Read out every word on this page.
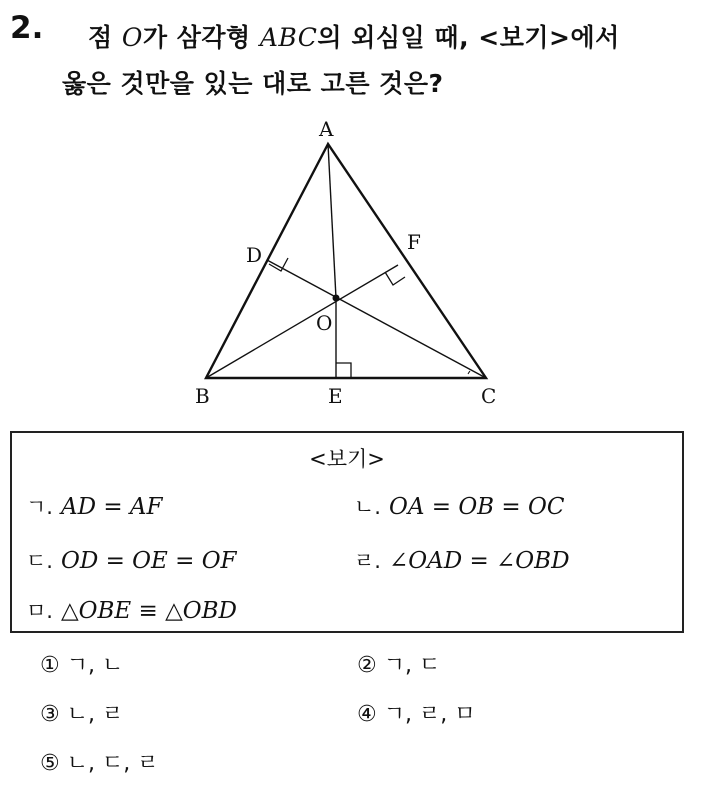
2. 점 O가 삼각형 ABC의 외심일 때, <보기>에서
옳은 것만을 있는 대로 고른 것은?
A
D
F
O
B	E	C
<보기>
ㄱ. AD = AF	ㄴ. OA = OB = OC
ㄷ. OD = OE = OF	ㄹ. ∠OAD = ∠OBD
ㅁ. △OBE ≡ △OBD
① ㄱ, ㄴ	② ㄱ, ㄷ
③ ㄴ, ㄹ	④ ㄱ, ㄹ, ㅁ
⑤ ㄴ, ㄷ, ㄹ
